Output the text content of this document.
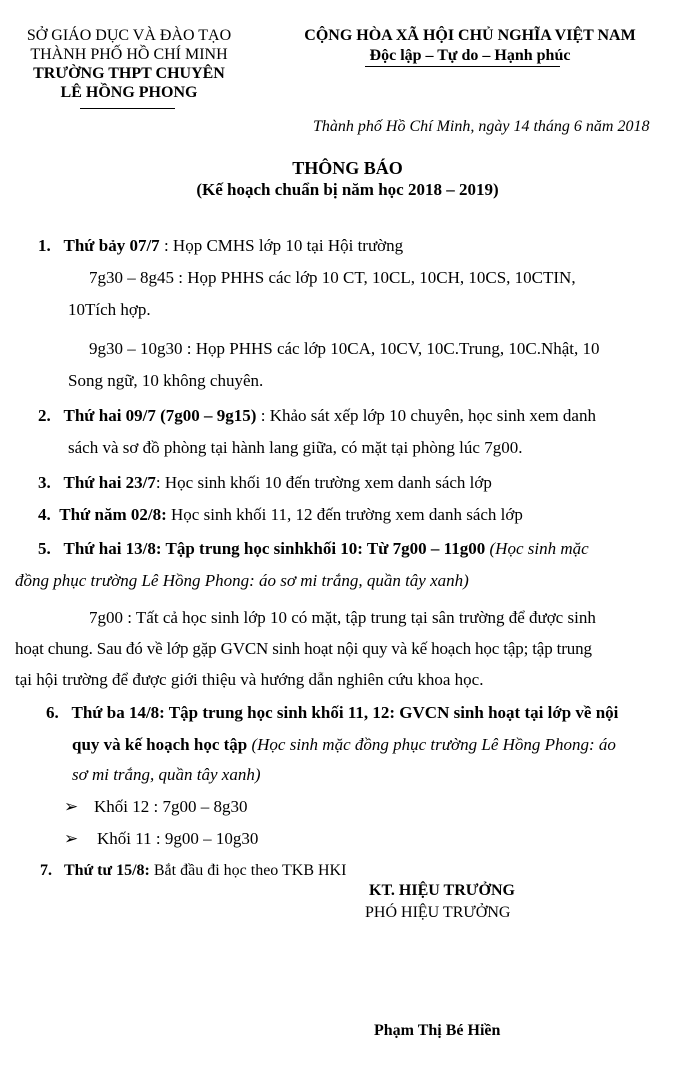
SỞ GIÁO DỤC VÀ ĐÀO TẠO
THÀNH PHỐ HỒ CHÍ MINH
TRƯỜNG THPT CHUYÊN
LÊ HỒNG PHONG
CỘNG HÒA XÃ HỘI CHỦ NGHĨA VIỆT NAM
Độc lập – Tự do – Hạnh phúc
Thành phố Hồ Chí Minh, ngày 14 tháng 6 năm 2018
THÔNG BÁO
(Kế hoạch chuẩn bị năm học 2018 – 2019)
1. Thứ bảy 07/7 : Họp CMHS lớp 10 tại Hội trường
7g30 – 8g45 : Họp PHHS các lớp 10 CT, 10CL, 10CH, 10CS, 10CTIN,
10Tích hợp.
9g30 – 10g30 : Họp PHHS các lớp 10CA, 10CV, 10C.Trung, 10C.Nhật, 10
Song ngữ, 10 không chuyên.
2. Thứ hai 09/7 (7g00 – 9g15) : Khảo sát xếp lớp 10 chuyên, học sinh xem danh
sách và sơ đồ phòng tại hành lang giữa, có mặt tại phòng lúc 7g00.
3. Thứ hai 23/7: Học sinh khối 10 đến trường xem danh sách lớp
4. Thứ năm 02/8: Học sinh khối 11, 12 đến trường xem danh sách lớp
5. Thứ hai 13/8: Tập trung học sinhkhối 10: Từ 7g00 – 11g00 (Học sinh mặc
đồng phục trường Lê Hồng Phong: áo sơ mi trắng, quần tây xanh)
7g00 : Tất cả học sinh lớp 10 có mặt, tập trung tại sân trường để được sinh
hoạt chung. Sau đó về lớp gặp GVCN sinh hoạt nội quy và kế hoạch học tập; tập trung
tại hội trường để được giới thiệu và hướng dẫn nghiên cứu khoa học.
6. Thứ ba 14/8: Tập trung học sinh khối 11, 12: GVCN sinh hoạt tại lớp về nội
quy và kế hoạch học tập (Học sinh mặc đồng phục trường Lê Hồng Phong: áo
sơ mi trắng, quần tây xanh)
➢ Khối 12 : 7g00 – 8g30
➢ Khối 11 : 9g00 – 10g30
7. Thứ tư 15/8: Bắt đầu đi học theo TKB HKI
KT. HIỆU TRƯỞNG
PHÓ HIỆU TRƯỞNG
Phạm Thị Bé Hiền
